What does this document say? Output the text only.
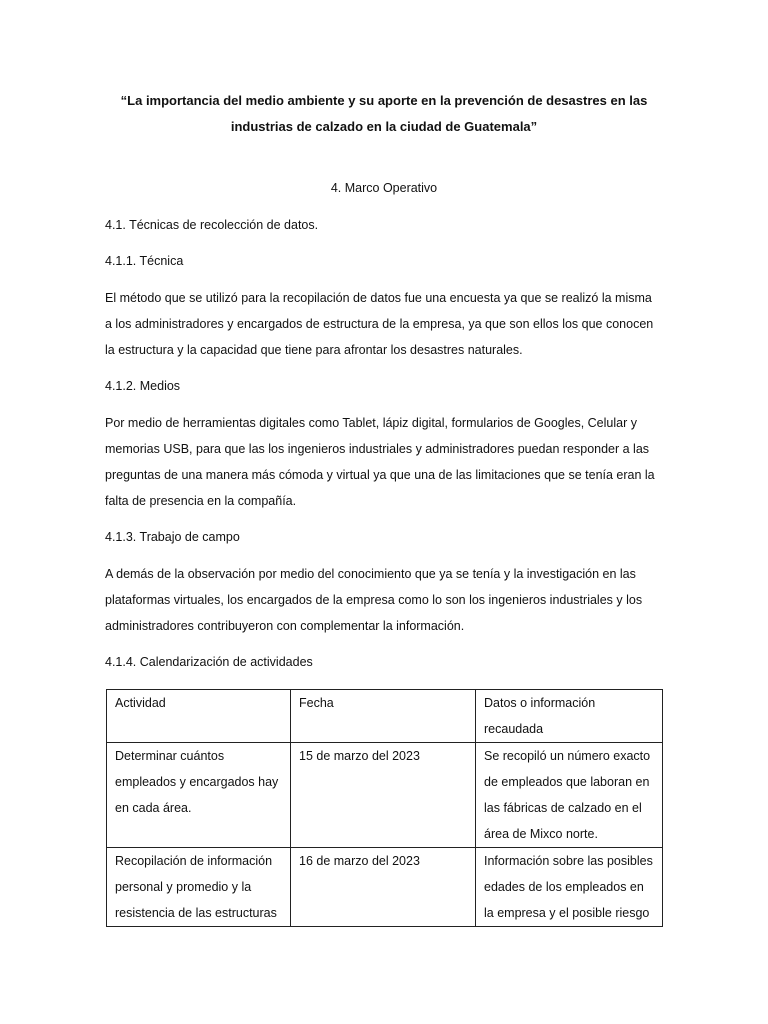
“La importancia del medio ambiente y su aporte en la prevención de desastres en las
industrias de calzado en la ciudad de Guatemala”
4. Marco Operativo
4.1. Técnicas de recolección de datos.
4.1.1. Técnica
El método que se utilizó para la recopilación de datos fue una encuesta ya que se realizó la misma
a los administradores y encargados de estructura de la empresa, ya que son ellos los que conocen
la estructura y la capacidad que tiene para afrontar los desastres naturales.
4.1.2. Medios
Por medio de herramientas digitales como Tablet, lápiz digital, formularios de Googles, Celular y
memorias USB, para que las los ingenieros industriales y administradores puedan responder a las
preguntas de una manera más cómoda y virtual ya que una de las limitaciones que se tenía eran la
falta de presencia en la compañía.
4.1.3. Trabajo de campo
A demás de la observación por medio del conocimiento que ya se tenía y la investigación en las
plataformas virtuales, los encargados de la empresa como lo son los ingenieros industriales y los
administradores contribuyeron con complementar la información.
4.1.4. Calendarización de actividades
Actividad	Fecha	Datos o información
recaudada

Determinar cuántos
empleados y encargados hay
en cada área.	15 de marzo del 2023	Se recopiló un número exacto
de empleados que laboran en
las fábricas de calzado en el
área de Mixco norte.

Recopilación de información
personal y promedio y la
resistencia de las estructuras	16 de marzo del 2023	Información sobre las posibles
edades de los empleados en
la empresa y el posible riesgo
